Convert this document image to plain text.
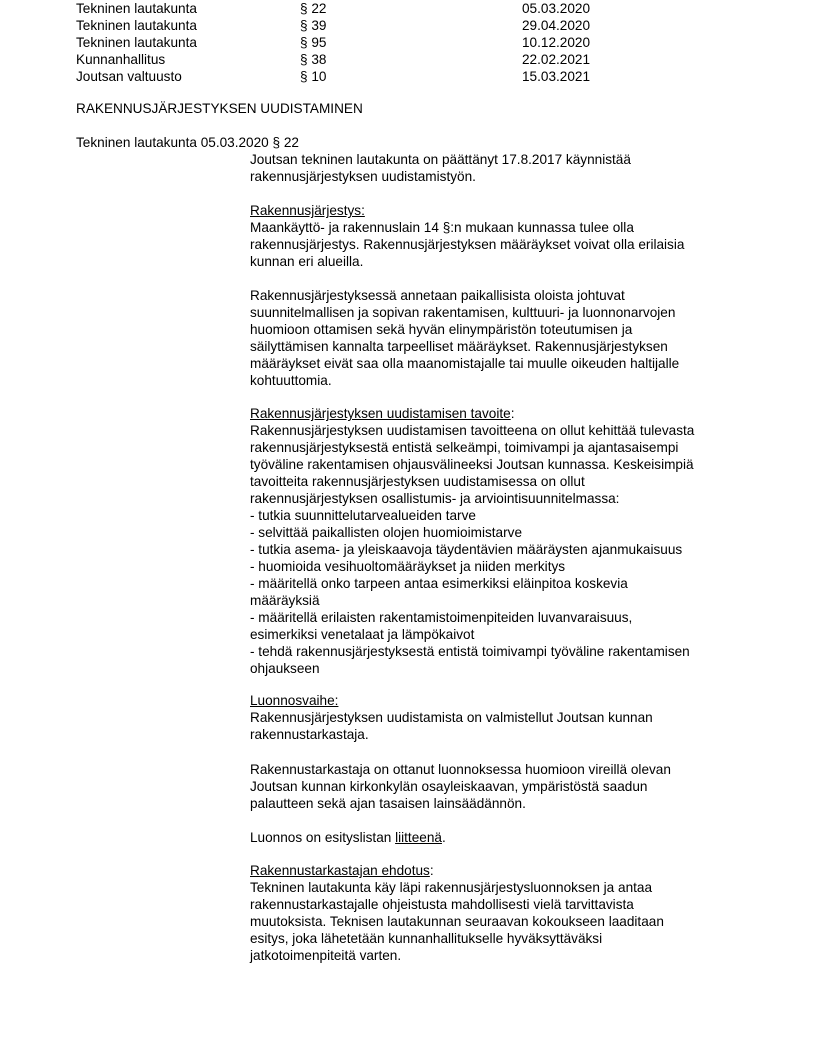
Tekninen lautakunta	§ 22	05.03.2020
Tekninen lautakunta	§ 39	29.04.2020
Tekninen lautakunta	§ 95	10.12.2020
Kunnanhallitus	§ 38	22.02.2021
Joutsan valtuusto	§ 10	15.03.2021
RAKENNUSJÄRJESTYKSEN UUDISTAMINEN
Tekninen lautakunta 05.03.2020 § 22
Joutsan tekninen lautakunta on päättänyt 17.8.2017 käynnistää
rakennusjärjestyksen uudistamistyön.
Rakennusjärjestys:
Maankäyttö- ja rakennuslain 14 §:n mukaan kunnassa tulee olla
rakennusjärjestys. Rakennusjärjestyksen määräykset voivat olla erilaisia
kunnan eri alueilla.
Rakennusjärjestyksessä annetaan paikallisista oloista johtuvat
suunnitelmallisen ja sopivan rakentamisen, kulttuuri- ja luonnonarvojen
huomioon ottamisen sekä hyvän elinympäristön toteutumisen ja
säilyttämisen kannalta tarpeelliset määräykset. Rakennusjärjestyksen
määräykset eivät saa olla maanomistajalle tai muulle oikeuden haltijalle
kohtuuttomia.
Rakennusjärjestyksen uudistamisen tavoite:
Rakennusjärjestyksen uudistamisen tavoitteena on ollut kehittää tulevasta
rakennusjärjestyksestä entistä selkeämpi, toimivampi ja ajantasaisempi
työväline rakentamisen ohjausvälineeksi Joutsan kunnassa. Keskeisimpiä
tavoitteita rakennusjärjestyksen uudistamisessa on ollut
rakennusjärjestyksen osallistumis- ja arviointisuunnitelmassa:
- tutkia suunnittelutarvealueiden tarve
- selvittää paikallisten olojen huomioimistarve
- tutkia asema- ja yleiskaavoja täydentävien määräysten ajanmukaisuus
- huomioida vesihuoltomääräykset ja niiden merkitys
- määritellä onko tarpeen antaa esimerkiksi eläinpitoa koskevia
määräyksiä
- määritellä erilaisten rakentamistoimenpiteiden luvanvaraisuus,
esimerkiksi venetalaat ja lämpökaivot
- tehdä rakennusjärjestyksestä entistä toimivampi työväline rakentamisen
ohjaukseen
Luonnosvaihe:
Rakennusjärjestyksen uudistamista on valmistellut Joutsan kunnan
rakennustarkastaja.
Rakennustarkastaja on ottanut luonnoksessa huomioon vireillä olevan
Joutsan kunnan kirkonkylän osayleiskaavan, ympäristöstä saadun
palautteen sekä ajan tasaisen lainsäädännön.
Luonnos on esityslistan liitteenä.
Rakennustarkastajan ehdotus:
Tekninen lautakunta käy läpi rakennusjärjestysluonnoksen ja antaa
rakennustarkastajalle ohjeistusta mahdollisesti vielä tarvittavista
muutoksista. Teknisen lautakunnan seuraavan kokoukseen laaditaan
esitys, joka lähetetään kunnanhallitukselle hyväksyttäväksi
jatkotoimenpiteitä varten.
